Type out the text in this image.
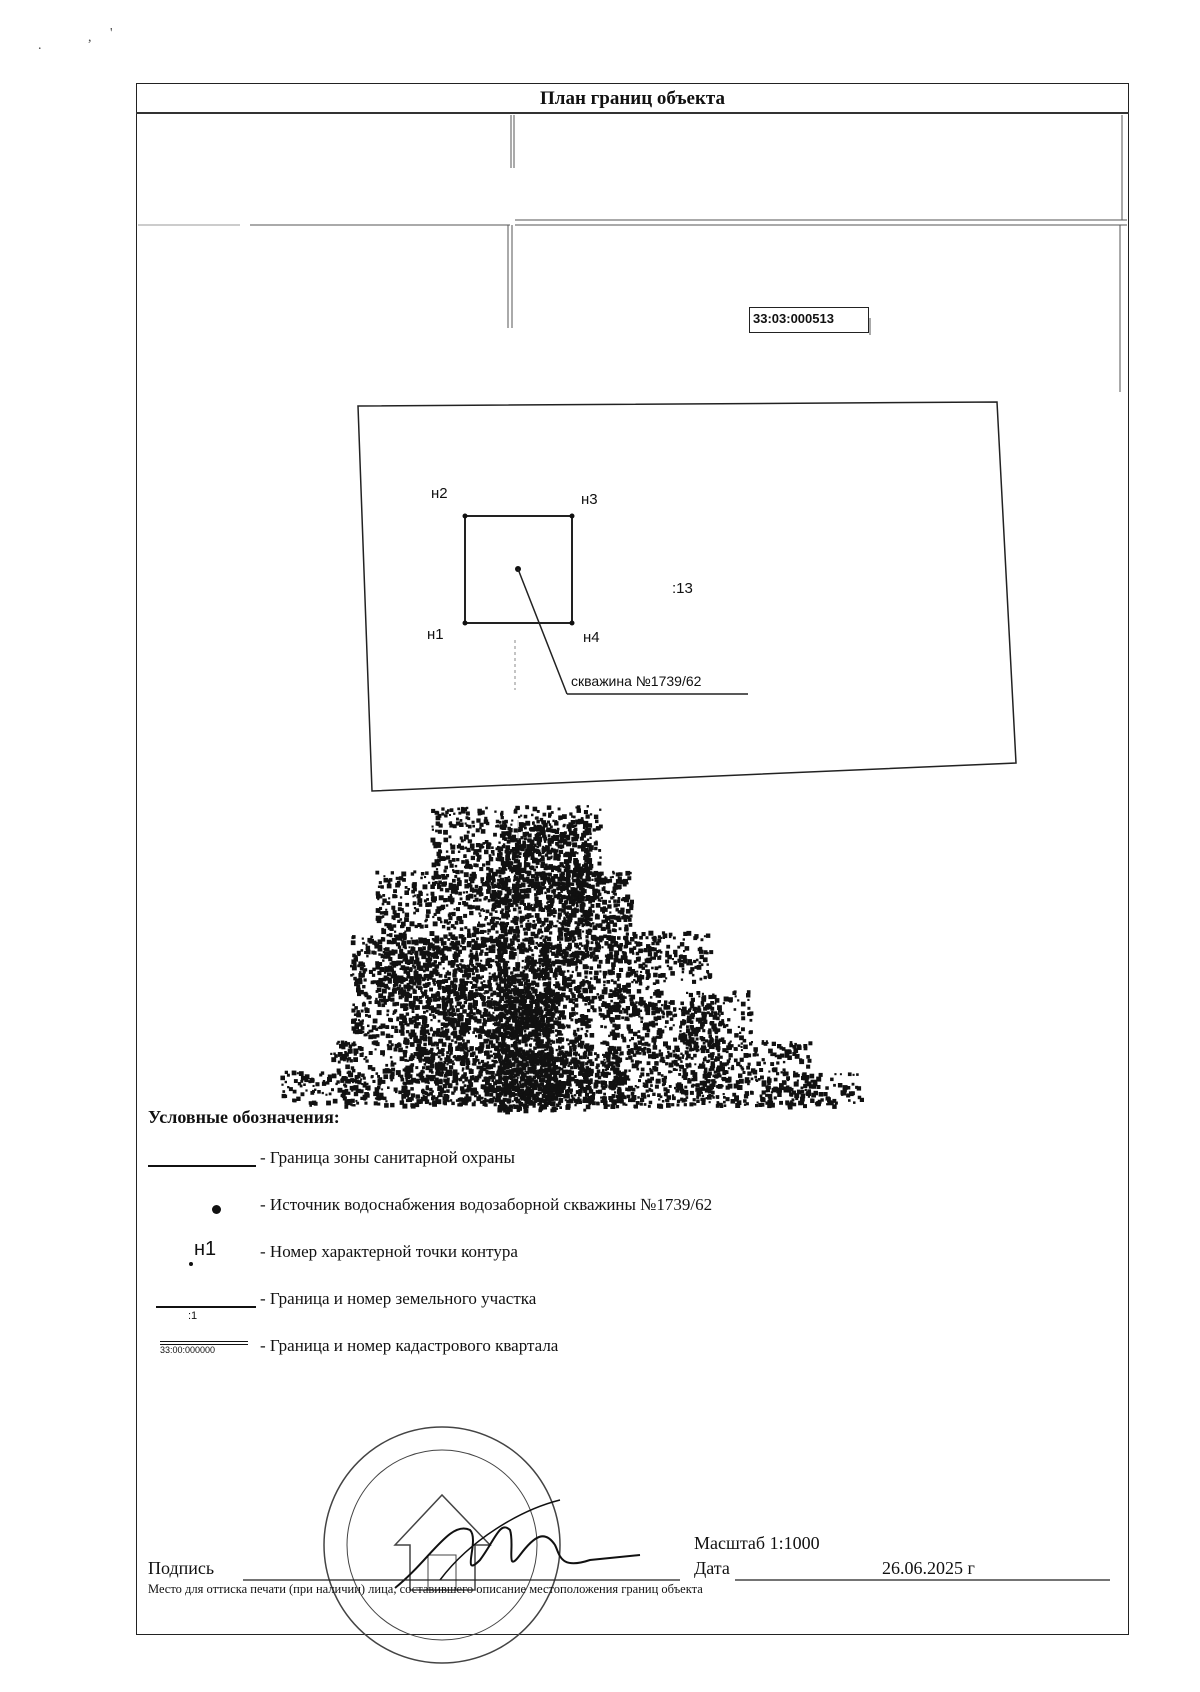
План границ объекта
33:03:000513
н2	н3
н1	н4
:13
скважина №1739/62
Условные обозначения:
- Граница зоны санитарной охраны
- Источник водоснабжения водозаборной скважины №1739/62
н1	- Номер характерной точки контура
:1
- Граница и номер земельного участка
33:00:000000	- Граница и номер кадастрового квартала
Масштаб 1:1000
Подпись	Дата	26.06.2025 г
Место для оттиска печати (при наличии) лица, составившего описание местоположения границ объекта
.
, '
